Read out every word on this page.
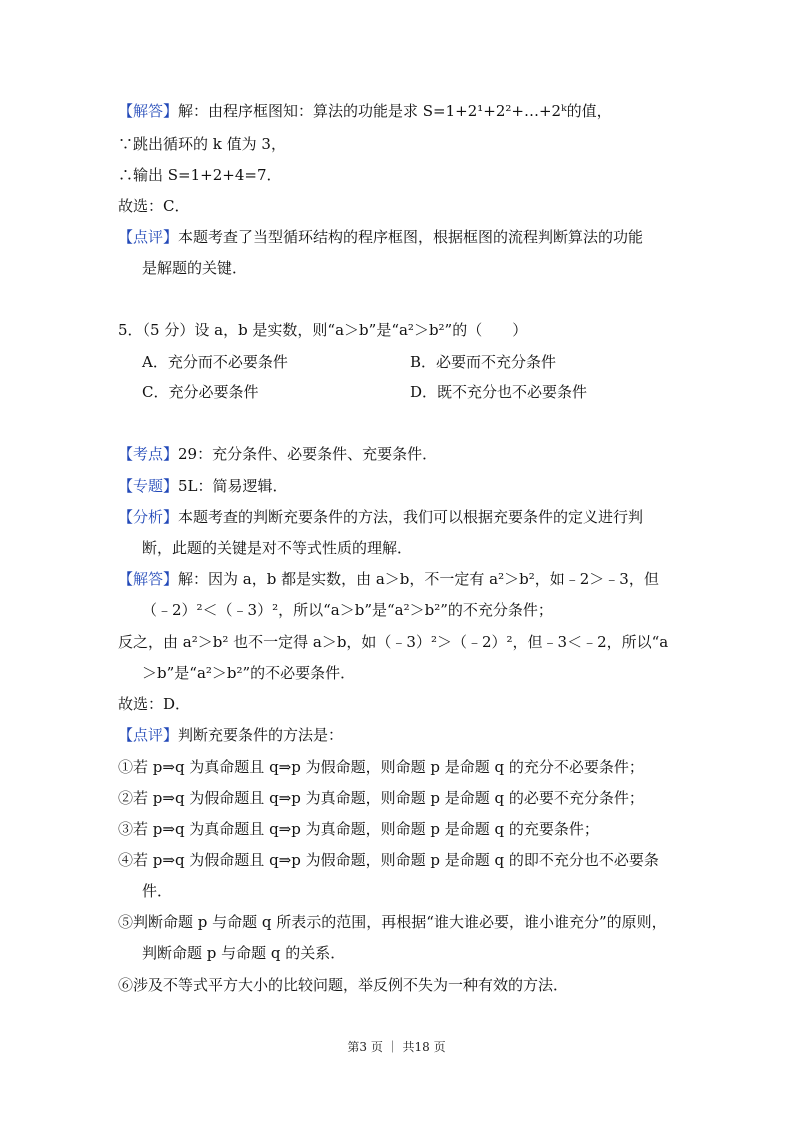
【解答】解：由程序框图知：算法的功能是求 S=1+2¹+2²+…+2ᵏ的值，
∵跳出循环的 k 值为 3，
∴输出 S=1+2+4=7．
故选：C．
【点评】本题考查了当型循环结构的程序框图，根据框图的流程判断算法的功能
是解题的关键．
5．（5 分）设 a，b 是实数，则“a＞b”是“a²＞b²”的（　　）
A．充分而不必要条件	B．必要而不充分条件
C．充分必要条件	D．既不充分也不必要条件
【考点】29：充分条件、必要条件、充要条件．
【专题】5L：简易逻辑．
【分析】本题考查的判断充要条件的方法，我们可以根据充要条件的定义进行判
断，此题的关键是对不等式性质的理解．
【解答】解：因为 a，b 都是实数，由 a＞b，不一定有 a²＞b²，如﹣2＞﹣3，但
（﹣2）²＜（﹣3）²，所以“a＞b”是“a²＞b²”的不充分条件；
反之，由 a²＞b² 也不一定得 a＞b，如（﹣3）²＞（﹣2）²，但﹣3＜﹣2，所以“a
＞b”是“a²＞b²”的不必要条件．
故选：D．
【点评】判断充要条件的方法是：
①若 p⇒q 为真命题且 q⇒p 为假命题，则命题 p 是命题 q 的充分不必要条件；
②若 p⇒q 为假命题且 q⇒p 为真命题，则命题 p 是命题 q 的必要不充分条件；
③若 p⇒q 为真命题且 q⇒p 为真命题，则命题 p 是命题 q 的充要条件；
④若 p⇒q 为假命题且 q⇒p 为假命题，则命题 p 是命题 q 的即不充分也不必要条
件．
⑤判断命题 p 与命题 q 所表示的范围，再根据“谁大谁必要，谁小谁充分”的原则，
判断命题 p 与命题 q 的关系．
⑥涉及不等式平方大小的比较问题，举反例不失为一种有效的方法．
第3 页 ｜ 共18 页
